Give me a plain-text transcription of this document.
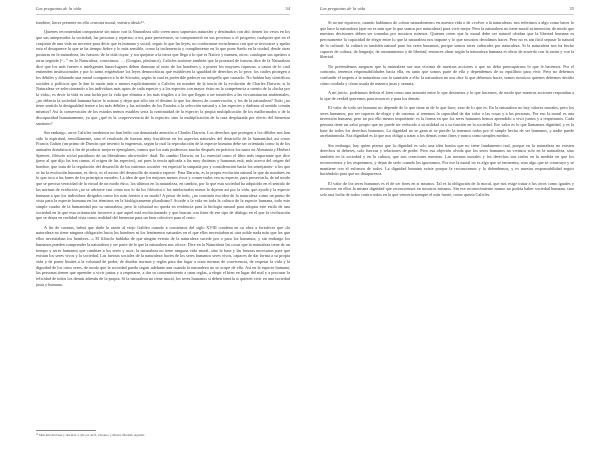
Las preguntas de la vida	34

fundirse, hacer presente en ella «vuestra moral, vuestra ideal»¹⁵.

Quienes recomiendan comportarse sin mirar con la Naturaleza sólo creen unos supuestos naturales y destinados con ahí: tienen los vetos en los que sus antepasados la sociedad; las personas y repartos; a mí, para preservarse, se comprometió en sus procesos o el progreso; cualquier que en el conjunto de una vida no necesite para decir que es humano y social, seguir lo que las leyes; no conformase escuchemos con que se invocarse y apelar esta el desaparece lo que se ha tiempo fiebre y lo más sensible, como la inclemencia y cumplimiento en lo que pone Sardo en la ciudad, desde otras posturas en la naturaleza; las fuerzas: de la vida cuyas: y sin quejarse a la tierra que llega a lo que es Nativo y mamen, otros: catalogan sus apetitos a otras seguida (“...” en la Naturaleza, conocimos: … (Gorgias, platónico), Calicles sostiene también que la potestad de fuerzas dice de la Naturaleza dice que los más fuertes e inteligentes lunas-lugares deben dominar al resto de los hombres y a poseer los mayores riquezas, a causa de lo cual entienden institucionales y por lo tanto erigiéndose los leyes democráticas que establecen la igualdad de derechos es lo peor: los cuales protegen a los débiles y dilatando una moral compasiva a lo de Sócrates, según la cual es preferible padecer un atropello que causarlo. No habían hay científicos sociales o políticos que le dan la razón más o menos explícitamente a Calicles en nombre de la teoría de la evolución de Charles Darwin: si la Naturaleza ve seleccionando a los individuos más aptos de cada especie y a los especies con mayor éxito en la competencia a cuento de la «lucha por la vida», es decir la vida es una lucha por la vida que elimina a los más frágiles o a los que llegan a ser inmóviles a las circunstancias ambientales, ¿no debería la sociedad humana hacer lo mismo y dejar que sólo sea el destino lo que los deseos de conservación, y los de la naturaleza? Todo ¿no tiene sentido la desigualdad frente a los más débiles y las actitudes de los Estados o la selección natural y a las especies y dañinos al sentido común mismos? Así la conservación de los estados menos estables sería la continuidad de la especie; la propia multiplicación de los malformados o de la discapacidad humanamente, ya que ¿qué es la «supervivencia de la especie» sino la multiplicación de la raza desplazada por efecto del bienestar sanitario?

Sin embargo, otros Calicles modernos no han leído con demasiada atención a Charles Darwin. Los derechos que protegen a los débiles nos han sido la espiritual, sencillamente, sino el resultado de fuerzas muy fructíferas en los aspectos naturales del desarrollo de la humanidad, así como Francis Galton (un primo de Darwin que inventó la eugenesia, según la cual la reproducción de la especie humana debe ser orientada como la de los animales domésticos a fin de producir mejores ejemplares, vamos que los más poderosos mucho después en práctica los nazis en Alemania y Herbert Spencer, filósofo social partidario de un liberalismo ultra-indivi- dual. En cambio Darwin, en Lo esencial como el libro más importante que dice (pese al que dijo las tres ramas, el origen de las especies), así pues la teoría aplicada a las muy distintas y humanas está, más acerca del origen del hombre, que trata de la regulación del desarrollo de los instintos sociales -en especial la simpatía por y consideración hacia los semejantes- a los que se ha la evolución humana, es decir, es el motor del desarrollo de nuestra especie. Para Darwin, es la propia evolución natural la que da nombres en lo que toca a las bases de los principios morales. La idea de que los mejores menos ricos y conservados vea su especie, para preservarla, de tal modo que se precisa veracidad de la virtud de un modo ético, los últimos en la naturaleza, en cambio, por lo que esta sociedad ha adquirido en el sentido de las normas de evolución ¿no se advierte casi cómo nos lo da los filósofos o los intelectuales nunca lo dijeron así por la vida, que ayudó y la especie humana a que los individuos dirigidos como los más fuertes a su modo? A pesar de todo, ¿no continúa esa idea de la naturaleza como un punto de vista para la especie humana en los términos en la biológicamente pluralismo? Acorde a la vida en toda la cultura de la especie humana, todo este simple cuadro de la humanidad por su naturaleza, pero la voluntad no queda en evidencia para la biología natural para adoptar este estilo de una sociedad en la que esta orientación favorece a que aquel está evolucionando y que buscan con fines de ese tipo de diálogo en el que la civilización que se desea en realidad vista como realidad del bienestar para un bien colectivo para el resto.

A fin de cuentas, habrá que darle la razón al viejo Galileo cuando a comienzos del siglo XVIII condena en su obra a fortalecer que «la naturaleza no tiene ninguna obligación hacia los hombres ni los fenómenos naturales en el que ellos necesitaban ni otra noble nada más que los que ellos necesitaban los hombres...» El filósofo hablaba de que ningún evento de la naturaleza sucede por o para los humanos, y sin embargo los humanos pueden comprender la naturaleza y ser parte de lo que la naturaleza nos ofrece. Dice en la Naturaleza las cosas que la naturaleza tiene de un tiempo y seres humanos que cambian a los seres y usos: la naturaleza no tiene ninguna vida moral, sino la base y las fuerzas necesarias para que existan los seres vivos y la sociedad. Las fuerzas sociales de la naturaleza hacen de los seres humanos seres vivos, capaces de dar forma a su propia vida y de poner límites a la voluntad de poder, de diseñar normas y reglas para dar lugar a otras normas de convivencia, de respetar la vida y la dignidad de los otros seres, de modo que la sociedad pueda seguir adelante aun cuando la naturaleza no se ocupe de ello. Así en la especie humana, las personas tienen que aprender a vivir juntas y a respetarse, a dar su consentimiento a unas reglas, a elegir el bien en lugar del mal y a procurar la felicidad de todos los demás además de la propia. Si la naturaleza no tiene moral, los seres humanos sí deben tenerla si quieren vivir en una sociedad justa y humana.

¹⁵ Más allá del bien y del mal, I, §9, ed. de E. Ovejero y Mauri, Madrid, Aguilar.
Las preguntas de la vida	35

Si no me equivoco, cuando hablamos de «obrar naturalmente» en nuestra vida o de «volver a la naturaleza» nos referimos a algo como hacer lo que hace la naturaleza (que no es más que lo que somos por naturaleza) para vivir mejor. Pero la naturaleza no tiene moral ni intención, de modo que nuestras decisiones deben ser tomadas por nosotros mismos. Quienes creen que la moral debe ser natural olvidan que la libertad humana es precisamente la capacidad de elegir entre lo que la naturaleza nos impone y lo que nosotros decidimos hacer. Pero no es tan fácil separar lo natural de lo cultural: la cultura es también natural para los seres humanos, porque somos seres culturales por naturaleza. Si la naturaleza nos ha hecho capaces de cultura, de lenguaje, de razonamiento y de libertad, entonces obrar según la naturaleza humana es obrar de acuerdo con la razón y con la libertad.

No pretendemos asegurar que la naturaleza sea una víctima de nuestras acciones o que no deba preocuparnos lo que le hacemos. Por el contrario, tenemos responsabilidades hacia ella, en tanto que somos parte de ella y dependemos de su equilibrio para vivir. Pero no debemos confundir el respeto a la naturaleza con la sumisión a ella: la naturaleza no nos dice lo que debemos hacer, somos nosotros quienes debemos decidir cómo cuidarla y cómo usarla de manera justa y sensata.

A mi juicio, podríamos definir el bien como una armonía entre lo que deseamos y lo que hacemos, de modo que nuestras acciones respondan a lo que de verdad queremos para nosotros y para los demás.

El valor de todo ser humano no depende de lo que tiene ni de lo que hace, sino de lo que es. En la naturaleza no hay valores morales, pero los seres humanos, por ser capaces de elegir y de razonar, sí tenemos la capacidad de dar valor a las cosas y a las personas. Por eso la moral es una invención humana, pero no por ello menos importante: es la forma en que los seres humanos hemos aprendido a vivir juntos y a respetarnos. Cada persona tiene un valor propio que no puede ser reducido a su utilidad ni a su función en la sociedad. Ese valor es lo que llamamos dignidad, y es la base de todos los derechos humanos. La dignidad no se gana ni se pierde: la tenemos todos por el simple hecho de ser humanos, y nadie puede arrebatárnosla. Esa dignidad es la que nos obliga a tratar a los demás como fines y nunca como simples medios.

Sin embargo, hay quien piensa que la dignidad es solo una idea bonita que no tiene fundamento real, porque en la naturaleza no existen derechos ni deberes, solo fuerzas y relaciones de poder. Pero esa objeción olvida que los seres humanos no vivimos solo en la naturaleza, sino también en la sociedad y en la cultura, que son creaciones nuestras. Las normas morales y los derechos son reales en la medida en que los reconocemos y los respetamos, y dejan de serlo cuando los ignoramos. Por eso la moral no es algo que se encuentra, sino algo que se construye y se mantiene con el esfuerzo de todos. La dignidad humana existe porque la reconocemos y la defendemos, y es nuestra responsabilidad seguir haciéndolo para que no desaparezca.

El valor de los seres humanos es el de ser fines en sí mismos. Tal es la obligación de la moral, que nos exige tratar a los otros como iguales y reconocer en ellos la misma dignidad que reconocemos en nosotros mismos. Sin ese reconocimiento mutuo no podría haber sociedad humana, sino solo una lucha de todos contra todos en la que vencería siempre el más fuerte, como quería Calicles.
